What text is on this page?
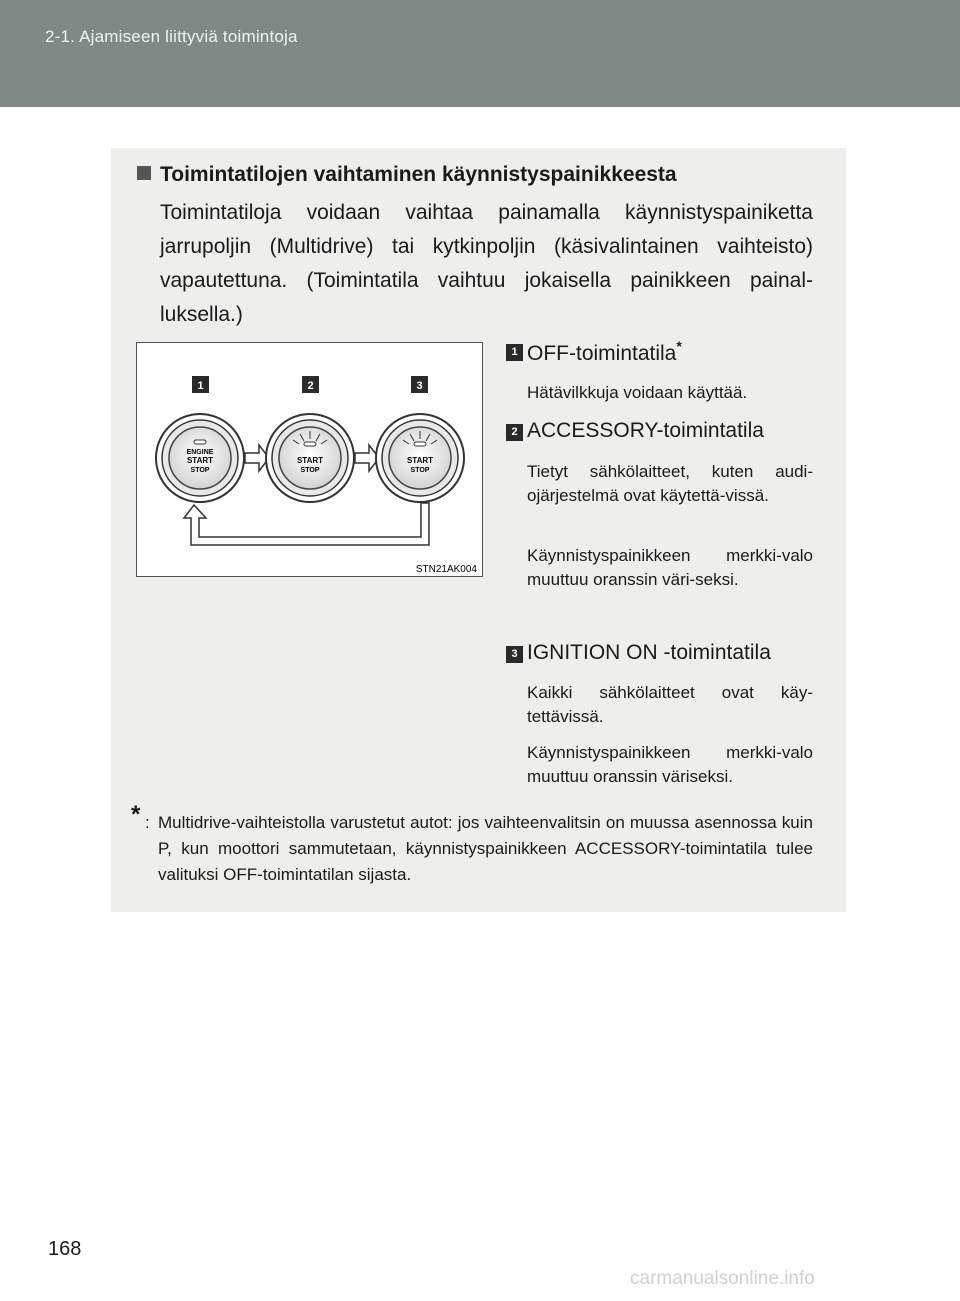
2-1. Ajamiseen liittyviä toimintoja
Toimintatilojen vaihtaminen käynnistyspainikkeesta
Toimintatiloja voidaan vaihtaa painamalla käynnistyspainiketta jarrupoljin (Multidrive) tai kytkinpoljin (käsivalintainen vaihteisto) vapautettuna. (Toimintatila vaihtuu jokaisella painikkeen painal-luksella.)
1	2	3
ENGINE
START
STOP
START
STOP
START
STOP
STN21AK004
1 OFF-toimintatila*
Hätävilkkuja voidaan käyttää.
2 ACCESSORY-toimintatila
Tietyt sähkölaitteet, kuten audi-ojärjestelmä ovat käytettä-vissä.
Käynnistyspainikkeen merkki-valo muuttuu oranssin väri-seksi.
3 IGNITION ON -toimintatila
Kaikki sähkölaitteet ovat käy-tettävissä.
Käynnistyspainikkeen merkki-valo muuttuu oranssin väriseksi.
* : Multidrive-vaihteistolla varustetut autot: jos vaihteenvalitsin on muussa asennossa kuin P, kun moottori sammutetaan, käynnistyspainikkeen ACCESSORY-toimintatila tulee valituksi OFF-toimintatilan sijasta.
168
carmanualsonline.info
